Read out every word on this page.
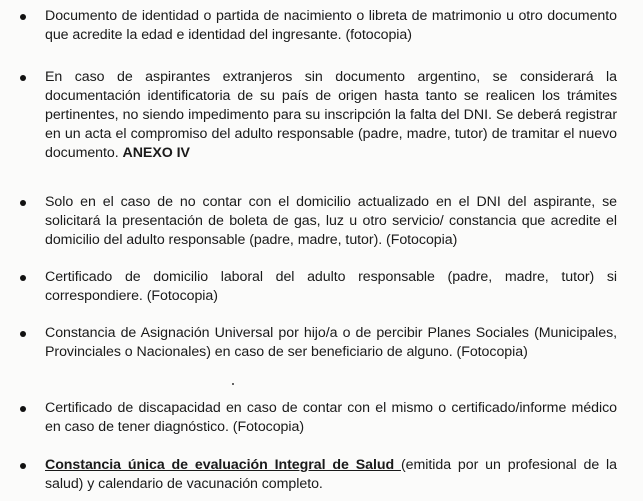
Documento de identidad o partida de nacimiento o libreta de matrimonio u otro documento que acredite la edad e identidad del ingresante. (fotocopia)
En caso de aspirantes extranjeros sin documento argentino, se considerará la documentación identificatoria de su país de origen hasta tanto se realicen los trámites pertinentes, no siendo impedimento para su inscripción la falta del DNI. Se deberá registrar en un acta el compromiso del adulto responsable (padre, madre, tutor) de tramitar el nuevo documento. ANEXO IV
Solo en el caso de no contar con el domicilio actualizado en el DNI del aspirante, se solicitará la presentación de boleta de gas, luz u otro servicio/ constancia que acredite el domicilio del adulto responsable (padre, madre, tutor). (Fotocopia)
Certificado de domicilio laboral del adulto responsable (padre, madre, tutor) si correspondiere. (Fotocopia)
Constancia de Asignación Universal por hijo/a o de percibir Planes Sociales (Municipales, Provinciales o Nacionales) en caso de ser beneficiario de alguno. (Fotocopia)
Certificado de discapacidad en caso de contar con el mismo o certificado/informe médico en caso de tener diagnóstico. (Fotocopia)
Constancia única de evaluación Integral de Salud (emitida por un profesional de la salud) y calendario de vacunación completo.
